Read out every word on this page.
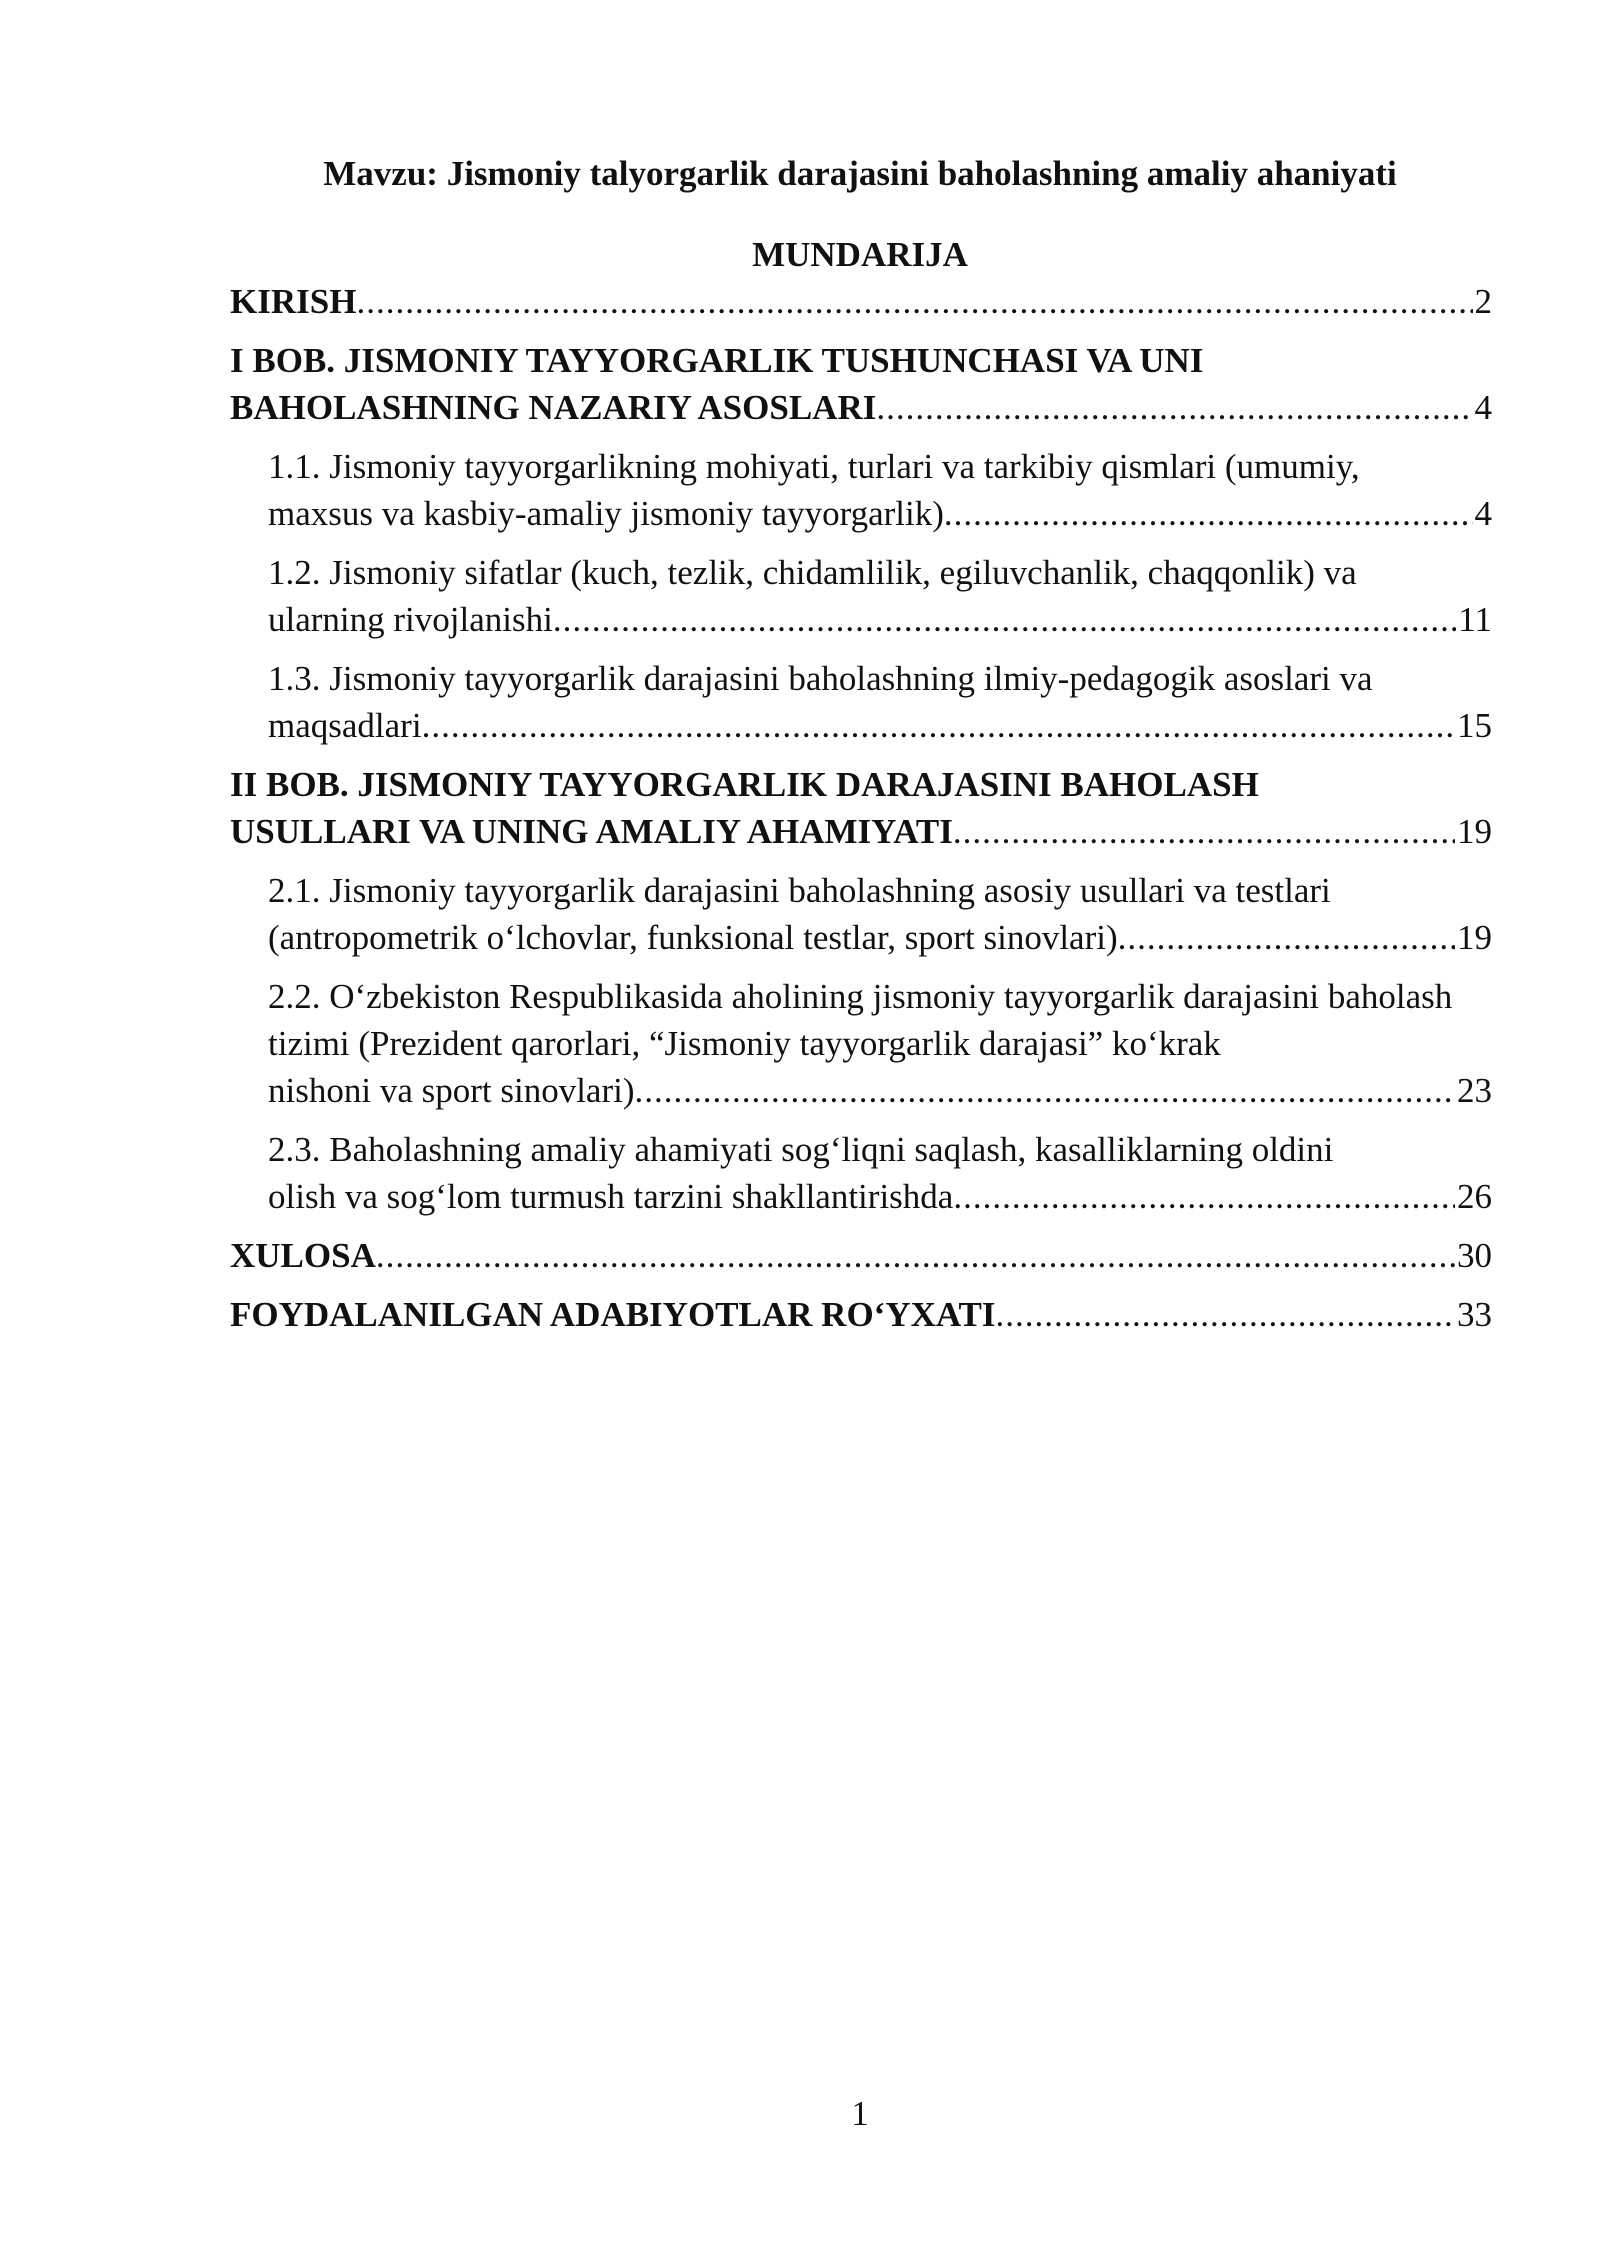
Mavzu: Jismoniy talyorgarlik darajasini baholashning amaliy ahaniyati
MUNDARIJA
KIRISH .....	2
I BOB. JISMONIY TAYYORGARLIK TUSHUNCHASI VA UNI
BAHOLASHNING NAZARIY ASOSLARI .....	4
1.1. Jismoniy tayyorgarlikning mohiyati, turlari va tarkibiy qismlari (umumiy,
maxsus va kasbiy-amaliy jismoniy tayyorgarlik) .....	4
1.2. Jismoniy sifatlar (kuch, tezlik, chidamlilik, egiluvchanlik, chaqqonlik) va
ularning rivojlanishi .....	11
1.3. Jismoniy tayyorgarlik darajasini baholashning ilmiy-pedagogik asoslari va
maqsadlari .....	15
II BOB. JISMONIY TAYYORGARLIK DARAJASINI BAHOLASH
USULLARI VA UNING AMALIY AHAMIYATI .....	19
2.1. Jismoniy tayyorgarlik darajasini baholashning asosiy usullari va testlari
(antropometrik o‘lchovlar, funksional testlar, sport sinovlari) .....	19
2.2. O‘zbekiston Respublikasida aholining jismoniy tayyorgarlik darajasini baholash tizimi (Prezident qarorlari, “Jismoniy tayyorgarlik darajasi” ko‘krak
nishoni va sport sinovlari) .....	23
2.3. Baholashning amaliy ahamiyati sog‘liqni saqlash, kasalliklarning oldini
olish va sog‘lom turmush tarzini shakllantirishda .....	26
XULOSA .....	30
FOYDALANILGAN ADABIYOTLAR RO‘YXATI .....	33
1
